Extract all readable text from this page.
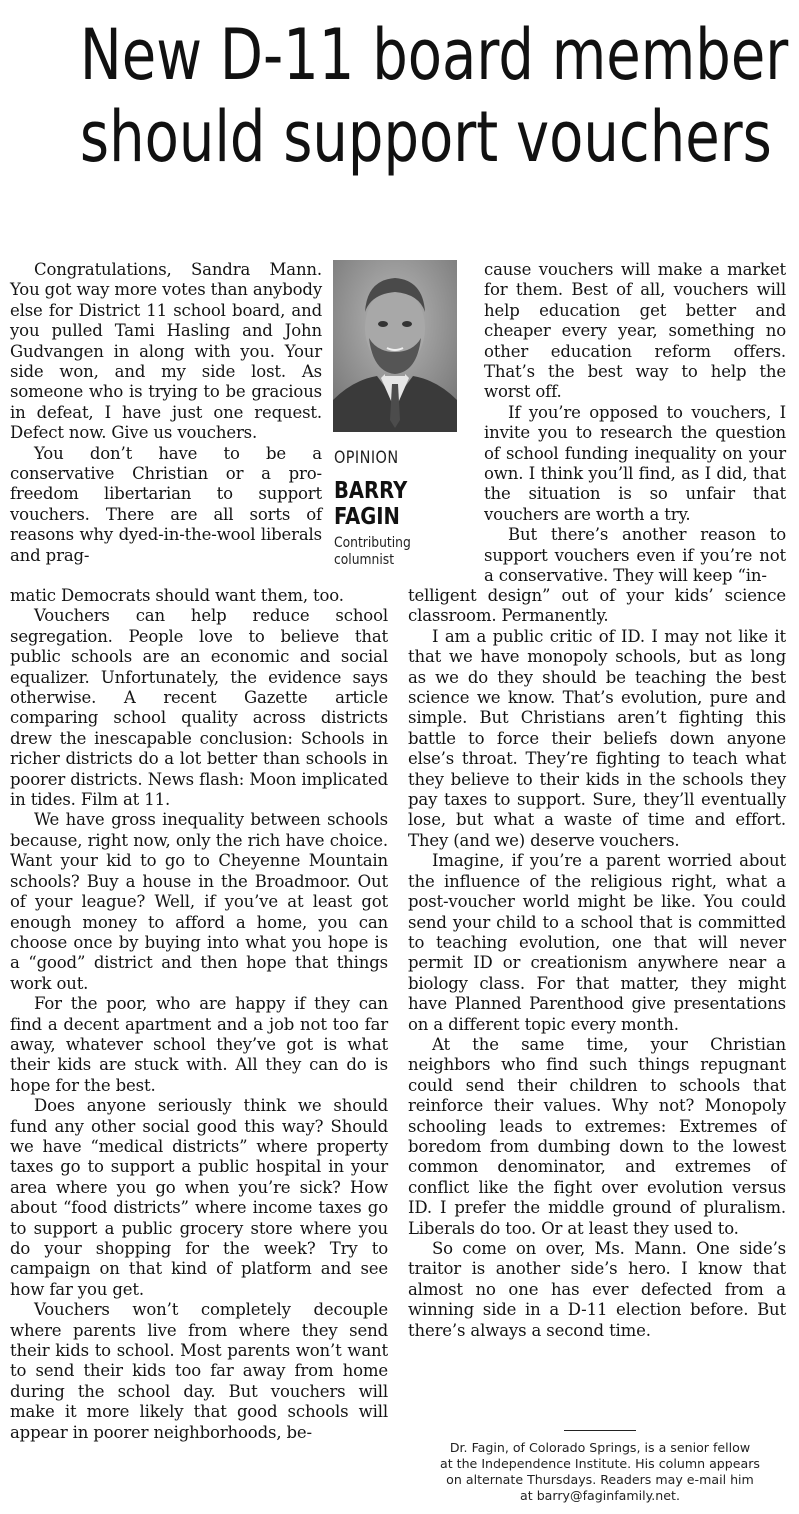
New D-11 board member
should support vouchers

Congratulations, Sandra Mann. You got way more votes than anybody else for District 11 school board, and you pulled Tami Hasling and John Gudvangen in along with you. Your side won, and my side lost. As someone who is trying to be gracious in defeat, I have just one request. Defect now. Give us vouchers.

You don’t have to be a conservative Christian or a pro-freedom libertarian to support vouchers. There are all sorts of reasons why dyed-in-the-wool liberals and prag-

OPINION
BARRY
FAGIN
Contributing
columnist

cause vouchers will make a market for them. Best of all, vouchers will help education get better and cheaper every year, something no other education reform offers. That’s the best way to help the worst off.

If you’re opposed to vouchers, I invite you to research the question of school funding inequality on your own. I think you’ll find, as I did, that the situation is so unfair that vouchers are worth a try.

But there’s another reason to support vouchers even if you’re not a conservative. They will keep “in-

matic Democrats should want them, too.

Vouchers can help reduce school segregation. People love to believe that public schools are an economic and social equalizer. Unfortunately, the evidence says otherwise. A recent Gazette article comparing school quality across districts drew the inescapable conclusion: Schools in richer districts do a lot better than schools in poorer districts. News flash: Moon implicated in tides. Film at 11.

We have gross inequality between schools because, right now, only the rich have choice. Want your kid to go to Cheyenne Mountain schools? Buy a house in the Broadmoor. Out of your league? Well, if you’ve at least got enough money to afford a home, you can choose once by buying into what you hope is a “good” district and then hope that things work out.

For the poor, who are happy if they can find a decent apartment and a job not too far away, whatever school they’ve got is what their kids are stuck with. All they can do is hope for the best.

Does anyone seriously think we should fund any other social good this way? Should we have “medical districts” where property taxes go to support a public hospital in your area where you go when you’re sick? How about “food districts” where income taxes go to support a public grocery store where you do your shopping for the week? Try to campaign on that kind of platform and see how far you get.

Vouchers won’t completely decouple where parents live from where they send their kids to school. Most parents won’t want to send their kids too far away from home during the school day. But vouchers will make it more likely that good schools will appear in poorer neighborhoods, be-

telligent design” out of your kids’ science classroom. Permanently.

I am a public critic of ID. I may not like it that we have monopoly schools, but as long as we do they should be teaching the best science we know. That’s evolution, pure and simple. But Christians aren’t fighting this battle to force their beliefs down anyone else’s throat. They’re fighting to teach what they believe to their kids in the schools they pay taxes to support. Sure, they’ll eventually lose, but what a waste of time and effort. They (and we) deserve vouchers.

Imagine, if you’re a parent worried about the influence of the religious right, what a post-voucher world might be like. You could send your child to a school that is committed to teaching evolution, one that will never permit ID or creationism anywhere near a biology class. For that matter, they might have Planned Parenthood give presentations on a different topic every month.

At the same time, your Christian neighbors who find such things repugnant could send their children to schools that reinforce their values. Why not? Monopoly schooling leads to extremes: Extremes of boredom from dumbing down to the lowest common denominator, and extremes of conflict like the fight over evolution versus ID. I prefer the middle ground of pluralism. Liberals do too. Or at least they used to.

So come on over, Ms. Mann. One side’s traitor is another side’s hero. I know that almost no one has ever defected from a winning side in a D-11 election before. But there’s always a second time.

Dr. Fagin, of Colorado Springs, is a senior fellow
at the Independence Institute. His column appears
on alternate Thursdays. Readers may e-mail him
at barry@faginfamily.net.
